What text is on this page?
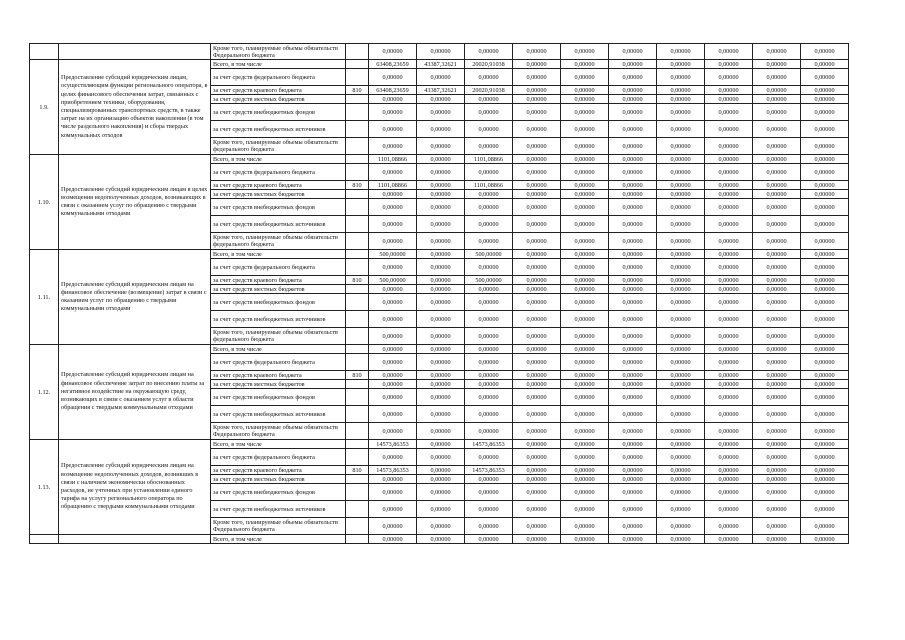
		Кроме того, планируемые объемы обязательств Федерального бюджета		0,00000	0,00000	0,00000	0,00000	0,00000	0,00000	0,00000	0,00000	0,00000	0,00000
1.9.	Предоставление субсидий юридическим лицам, осуществляющим функции регионального оператора, в целях финансового обеспечения затрат, связанных с приобретением техники, оборудования, специализированных транспортных средств, в также затрат на их организацию объектов накопления (в том числе раздельного накопления) и сбора твердых коммунальных отходов	Всего, в том числе		63408,23659	43387,32621	20020,91038	0,00000	0,00000	0,00000	0,00000	0,00000	0,00000	0,00000
		за счет средств федерального бюджета		0,00000	0,00000	0,00000	0,00000	0,00000	0,00000	0,00000	0,00000	0,00000	0,00000
		за счет средств краевого бюджета	810	63408,23659	43387,32621	20020,91038	0,00000	0,00000	0,00000	0,00000	0,00000	0,00000	0,00000
		за счет средств местных бюджетов		0,00000	0,00000	0,00000	0,00000	0,00000	0,00000	0,00000	0,00000	0,00000	0,00000
		за счет средств внебюджетных фондов		0,00000	0,00000	0,00000	0,00000	0,00000	0,00000	0,00000	0,00000	0,00000	0,00000
		за счет средств внебюджетных источников		0,00000	0,00000	0,00000	0,00000	0,00000	0,00000	0,00000	0,00000	0,00000	0,00000
		Кроме того, планируемые объемы обязательств федерального бюджета		0,00000	0,00000	0,00000	0,00000	0,00000	0,00000	0,00000	0,00000	0,00000	0,00000
1.10.	Предоставление субсидий юридическим лицам в целях возмещения недополученных доходов, возникающих в связи с оказанием услуг по обращению с твердыми коммунальными отходами	Всего, в том числе		1101,08866	0,00000	1101,08866	0,00000	0,00000	0,00000	0,00000	0,00000	0,00000	0,00000
		за счет средств федерального бюджета		0,00000	0,00000	0,00000	0,00000	0,00000	0,00000	0,00000	0,00000	0,00000	0,00000
		за счет средств краевого бюджета	810	1101,08866	0,00000	1101,08866	0,00000	0,00000	0,00000	0,00000	0,00000	0,00000	0,00000
		за счет средств местных бюджетов		0,00000	0,00000	0,00000	0,00000	0,00000	0,00000	0,00000	0,00000	0,00000	0,00000
		за счет средств внебюджетных фондов		0,00000	0,00000	0,00000	0,00000	0,00000	0,00000	0,00000	0,00000	0,00000	0,00000
		за счет средств внебюджетных источников		0,00000	0,00000	0,00000	0,00000	0,00000	0,00000	0,00000	0,00000	0,00000	0,00000
		Кроме того, планируемые объемы обязательств федерального бюджета		0,00000	0,00000	0,00000	0,00000	0,00000	0,00000	0,00000	0,00000	0,00000	0,00000
1.11.	Предоставление субсидий юридическим лицам на финансовое обеспечение (возмещение) затрат в связи с оказанием услуг по обращению с твердыми коммунальными отходами	Всего, в том числе		500,00000	0,00000	500,00000	0,00000	0,00000	0,00000	0,00000	0,00000	0,00000	0,00000
		за счет средств федерального бюджета		0,00000	0,00000	0,00000	0,00000	0,00000	0,00000	0,00000	0,00000	0,00000	0,00000
		за счет средств краевого бюджета	810	500,00000	0,00000	500,00000	0,00000	0,00000	0,00000	0,00000	0,00000	0,00000	0,00000
		за счет средств местных бюджетов		0,00000	0,00000	0,00000	0,00000	0,00000	0,00000	0,00000	0,00000	0,00000	0,00000
		за счет средств внебюджетных фондов		0,00000	0,00000	0,00000	0,00000	0,00000	0,00000	0,00000	0,00000	0,00000	0,00000
		за счет средств внебюджетных источников		0,00000	0,00000	0,00000	0,00000	0,00000	0,00000	0,00000	0,00000	0,00000	0,00000
		Кроме того, планируемые объемы обязательств федерального бюджета		0,00000	0,00000	0,00000	0,00000	0,00000	0,00000	0,00000	0,00000	0,00000	0,00000
1.12.	Предоставление субсидий юридическим лицам на финансовое обеспечение затрат по внесению платы за негативное воздействие на окружающую среду, возникающих в связи с оказанием услуг в области обращения с твердыми коммунальными отходами	Всего, в том числе		0,00000	0,00000	0,00000	0,00000	0,00000	0,00000	0,00000	0,00000	0,00000	0,00000
		за счет средств федерального бюджета		0,00000	0,00000	0,00000	0,00000	0,00000	0,00000	0,00000	0,00000	0,00000	0,00000
		за счет средств краевого бюджета	810	0,00000	0,00000	0,00000	0,00000	0,00000	0,00000	0,00000	0,00000	0,00000	0,00000
		за счет средств местных бюджетов		0,00000	0,00000	0,00000	0,00000	0,00000	0,00000	0,00000	0,00000	0,00000	0,00000
		за счет средств внебюджетных фондов		0,00000	0,00000	0,00000	0,00000	0,00000	0,00000	0,00000	0,00000	0,00000	0,00000
		за счет средств внебюджетных источников		0,00000	0,00000	0,00000	0,00000	0,00000	0,00000	0,00000	0,00000	0,00000	0,00000
		Кроме того, планируемые объемы обязательств Федерального бюджета		0,00000	0,00000	0,00000	0,00000	0,00000	0,00000	0,00000	0,00000	0,00000	0,00000
1.13.	Предоставление субсидий юридическим лицам на возмещение недополученных доходов, возникших в связи с наличием экономически обоснованных расходов, не учтенных при установлении единого тарифа на услугу регионального оператора по обращению с твердыми коммунальными отходами	Всего, в том числе		14573,86353	0,00000	14573,86353	0,00000	0,00000	0,00000	0,00000	0,00000	0,00000	0,00000
		за счет средств федерального бюджета		0,00000	0,00000	0,00000	0,00000	0,00000	0,00000	0,00000	0,00000	0,00000	0,00000
		за счет средств краевого бюджета	810	14573,86353	0,00000	14573,86353	0,00000	0,00000	0,00000	0,00000	0,00000	0,00000	0,00000
		за счет средств местных бюджетов		0,00000	0,00000	0,00000	0,00000	0,00000	0,00000	0,00000	0,00000	0,00000	0,00000
		за счет средств внебюджетных фондов		0,00000	0,00000	0,00000	0,00000	0,00000	0,00000	0,00000	0,00000	0,00000	0,00000
		за счет средств внебюджетных источников		0,00000	0,00000	0,00000	0,00000	0,00000	0,00000	0,00000	0,00000	0,00000	0,00000
		Кроме того, планируемые объемы обязательств Федерального бюджета		0,00000	0,00000	0,00000	0,00000	0,00000	0,00000	0,00000	0,00000	0,00000	0,00000
		Всего, в том числе		0,00000	0,00000	0,00000	0,00000	0,00000	0,00000	0,00000	0,00000	0,00000	0,00000
